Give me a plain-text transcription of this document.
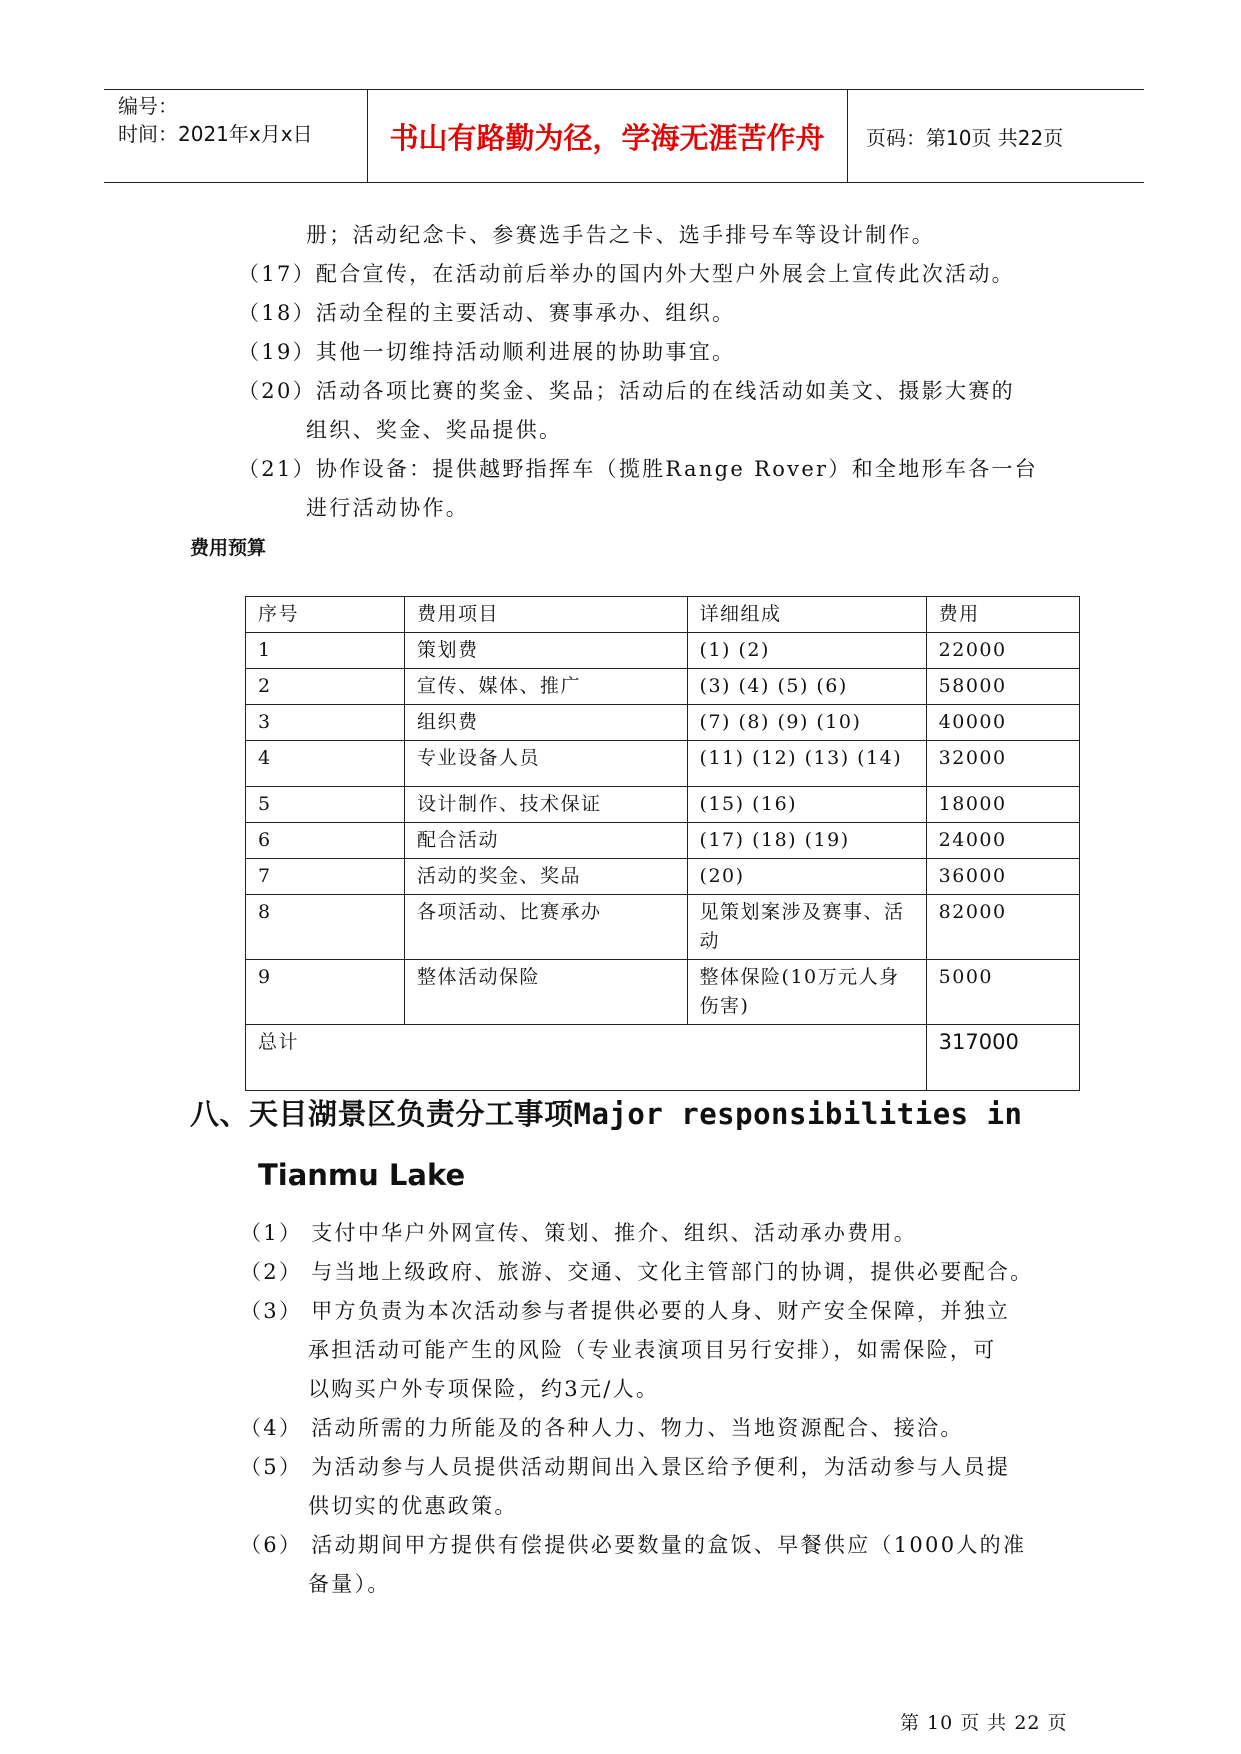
编号：
时间：2021年x月x日	书山有路勤为径，学海无涯苦作舟	页码：第10页 共22页
册；活动纪念卡、参赛选手告之卡、选手排号车等设计制作。
（17）配合宣传，在活动前后举办的国内外大型户外展会上宣传此次活动。
（18）活动全程的主要活动、赛事承办、组织。
（19）其他一切维持活动顺利进展的协助事宜。
（20）活动各项比赛的奖金、奖品；活动后的在线活动如美文、摄影大赛的
组织、奖金、奖品提供。
（21）协作设备：提供越野指挥车（揽胜Range Rover）和全地形车各一台
进行活动协作。
费用预算
序号	费用项目	详细组成	费用
1	策划费	(1) (2)	22000
2	宣传、媒体、推广	(3) (4) (5) (6)	58000
3	组织费	(7) (8) (9) (10)	40000
4	专业设备人员	(11) (12) (13) (14)	32000
5	设计制作、技术保证	(15) (16)	18000
6	配合活动	(17) (18) (19)	24000
7	活动的奖金、奖品	(20)	36000
8	各项活动、比赛承办	见策划案涉及赛事、活动	82000
9	整体活动保险	整体保险(10万元人身伤害)	5000
总计			317000
八、天目湖景区负责分工事项Major responsibilities in
Tianmu Lake
（1） 支付中华户外网宣传、策划、推介、组织、活动承办费用。
（2） 与当地上级政府、旅游、交通、文化主管部门的协调，提供必要配合。
（3） 甲方负责为本次活动参与者提供必要的人身、财产安全保障，并独立
承担活动可能产生的风险（专业表演项目另行安排），如需保险，可
以购买户外专项保险，约3元/人。
（4） 活动所需的力所能及的各种人力、物力、当地资源配合、接洽。
（5） 为活动参与人员提供活动期间出入景区给予便利，为活动参与人员提
供切实的优惠政策。
（6） 活动期间甲方提供有偿提供必要数量的盒饭、早餐供应（1000人的准
备量）。
第 10 页 共 22 页
